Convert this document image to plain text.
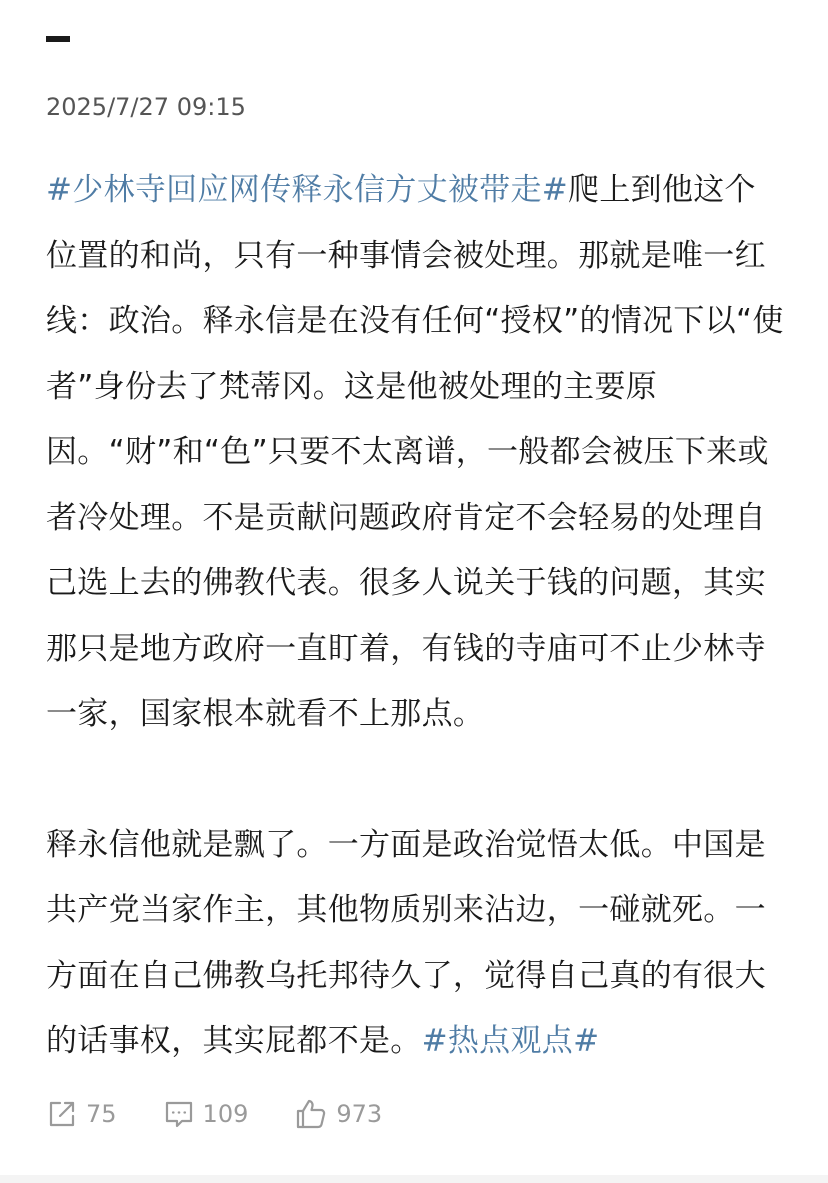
2025/7/27 09:15

#少林寺回应网传释永信方丈被带走#爬上到他这个位置的和尚，只有一种事情会被处理。那就是唯一红线：政治。释永信是在没有任何“授权”的情况下以“使者”身份去了梵蒂冈。这是他被处理的主要原因。“财”和“色”只要不太离谱，一般都会被压下来或者冷处理。不是贡献问题政府肯定不会轻易的处理自己选上去的佛教代表。很多人说关于钱的问题，其实那只是地方政府一直盯着，有钱的寺庙可不止少林寺一家，国家根本就看不上那点。

释永信他就是飘了。一方面是政治觉悟太低。中国是共产党当家作主，其他物质别来沾边，一碰就死。一方面在自己佛教乌托邦待久了，觉得自己真的有很大的话事权，其实屁都不是。#热点观点#

75	109	973
